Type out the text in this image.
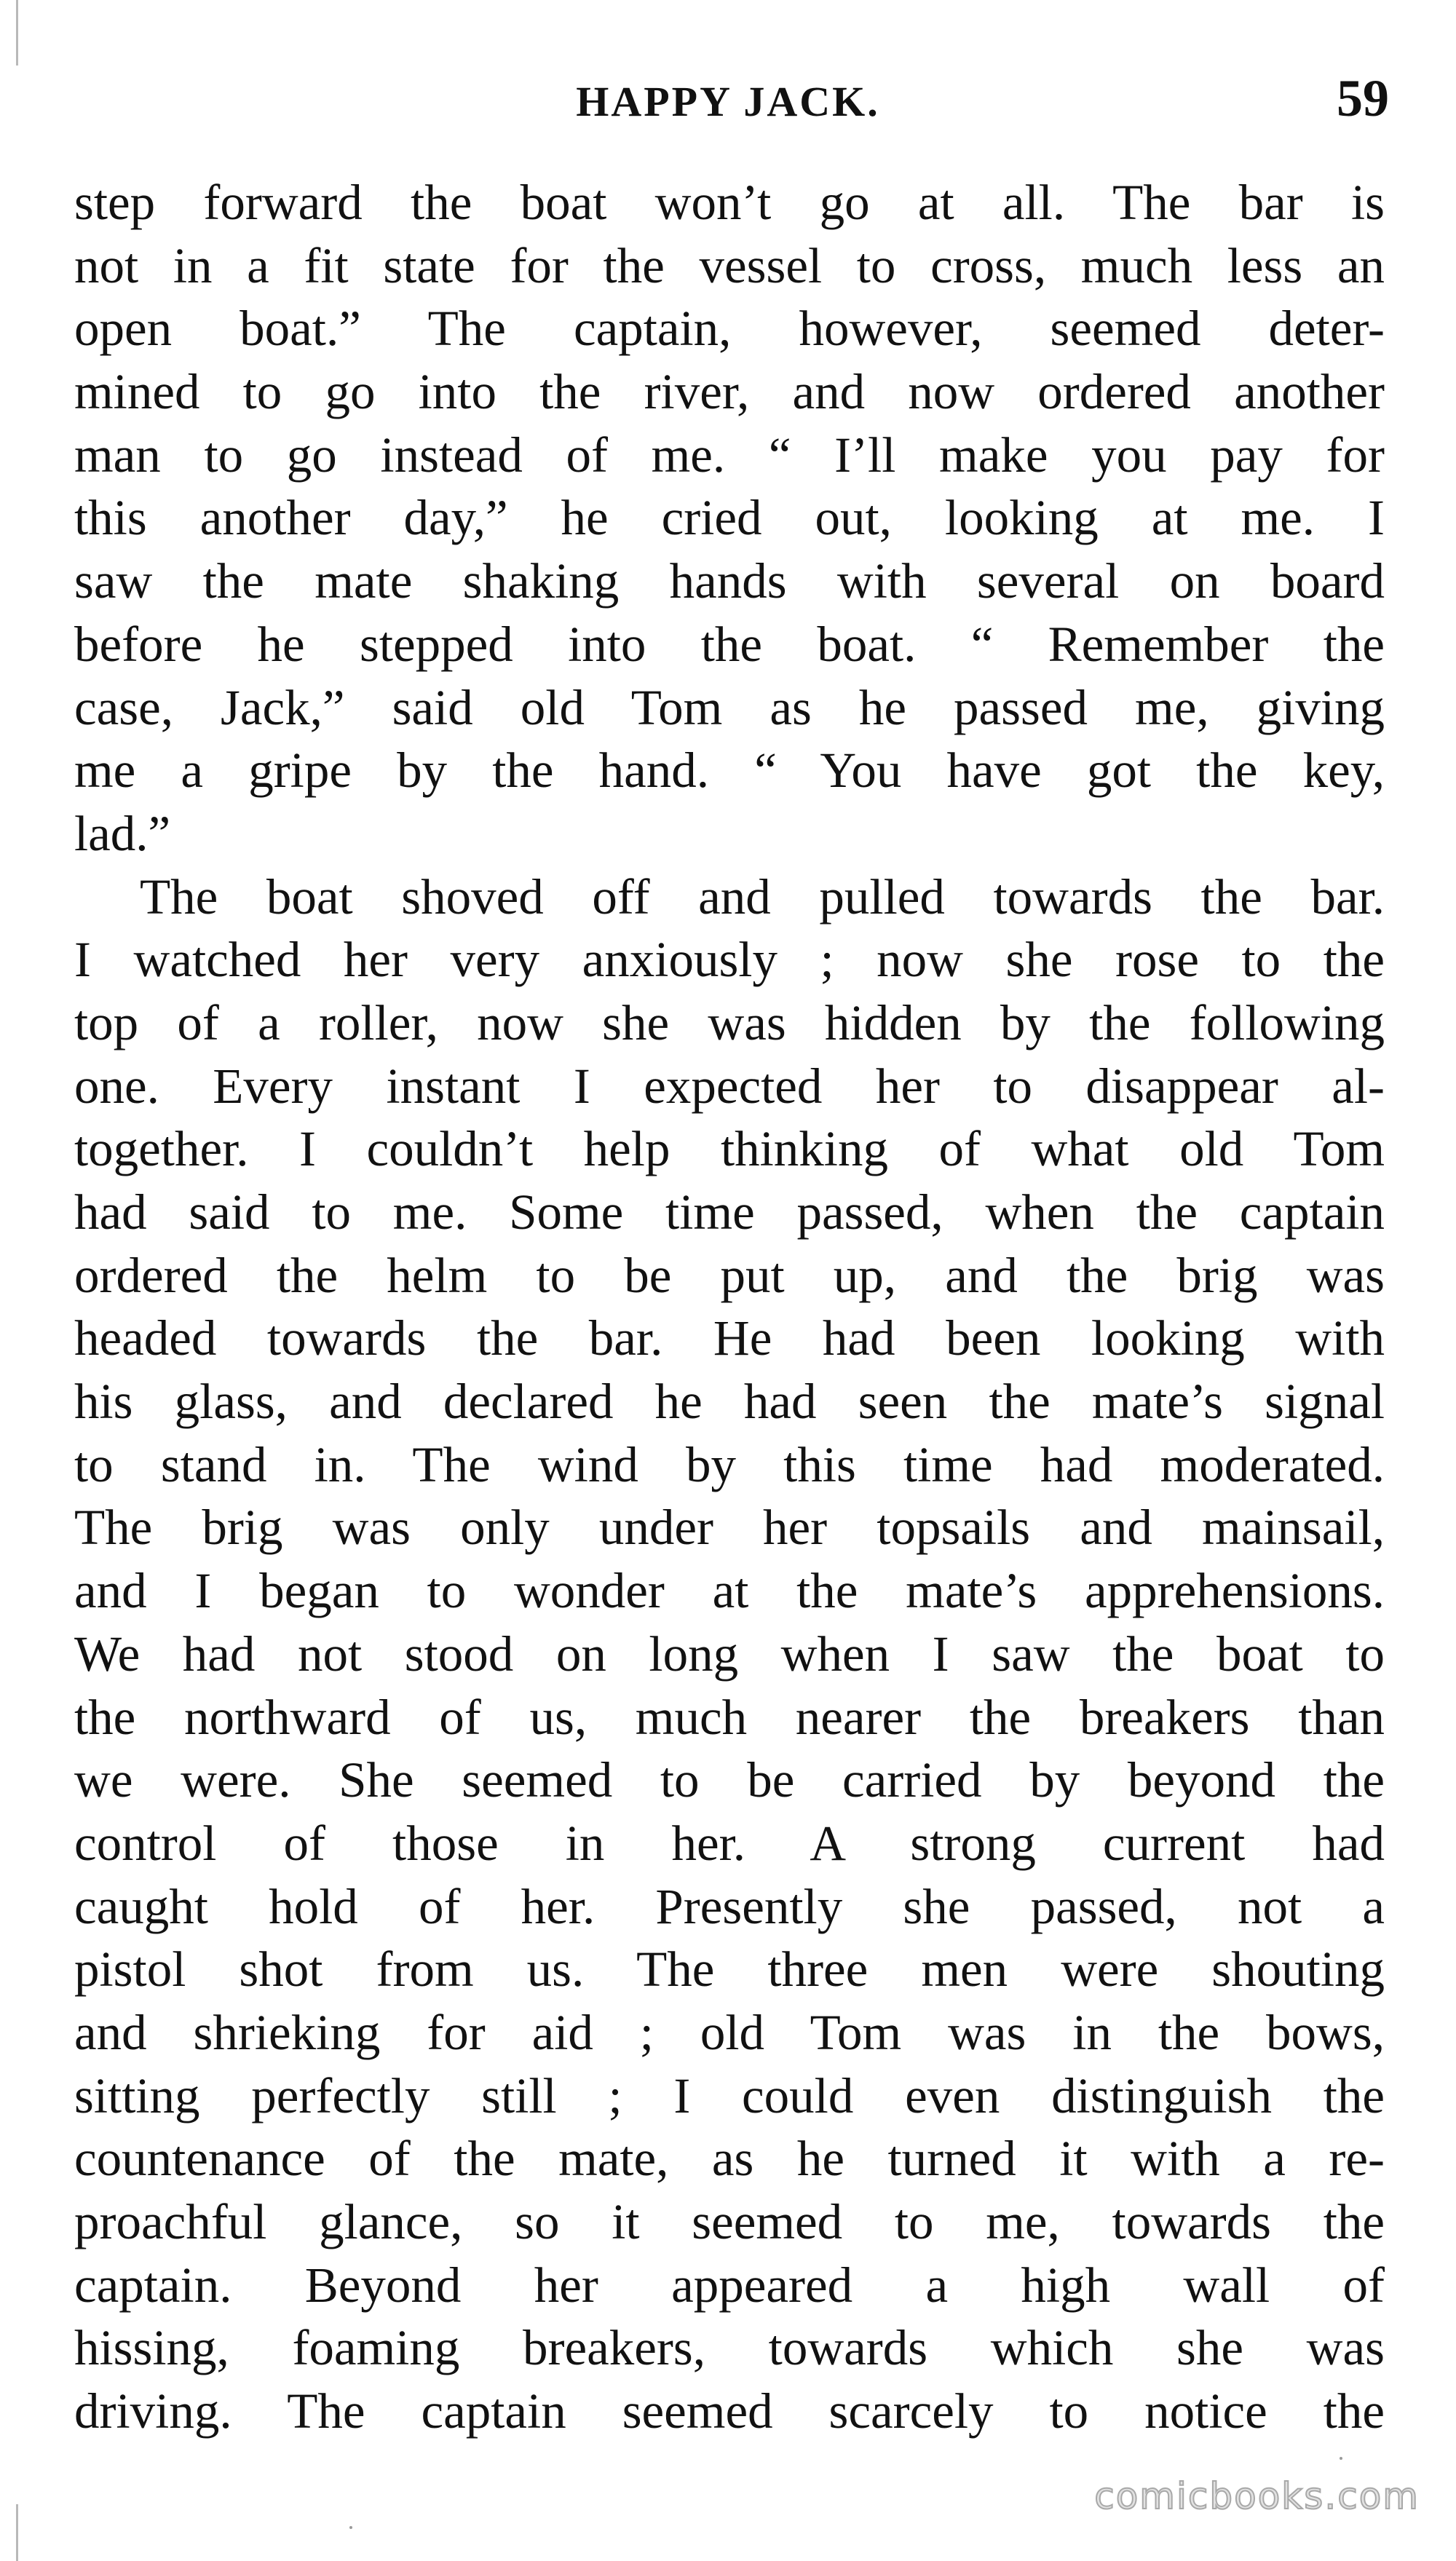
HAPPY JACK.	59
step forward the boat won’t go at all. The bar is
not in a fit state for the vessel to cross, much less an
open boat.” The captain, however, seemed deter-
mined to go into the river, and now ordered another
man to go instead of me. “ I’ll make you pay for
this another day,” he cried out, looking at me. I
saw the mate shaking hands with several on board
before he stepped into the boat. “ Remember the
case, Jack,” said old Tom as he passed me, giving
me a gripe by the hand. “ You have got the key,
lad.”
The boat shoved off and pulled towards the bar.
I watched her very anxiously ; now she rose to the
top of a roller, now she was hidden by the following
one. Every instant I expected her to disappear al-
together. I couldn’t help thinking of what old Tom
had said to me. Some time passed, when the captain
ordered the helm to be put up, and the brig was
headed towards the bar. He had been looking with
his glass, and declared he had seen the mate’s signal
to stand in. The wind by this time had moderated.
The brig was only under her topsails and mainsail,
and I began to wonder at the mate’s apprehensions.
We had not stood on long when I saw the boat to
the northward of us, much nearer the breakers than
we were. She seemed to be carried by beyond the
control of those in her. A strong current had
caught hold of her. Presently she passed, not a
pistol shot from us. The three men were shouting
and shrieking for aid ; old Tom was in the bows,
sitting perfectly still ; I could even distinguish the
countenance of the mate, as he turned it with a re-
proachful glance, so it seemed to me, towards the
captain. Beyond her appeared a high wall of
hissing, foaming breakers, towards which she was
driving. The captain seemed scarcely to notice the
comicbooks.com
